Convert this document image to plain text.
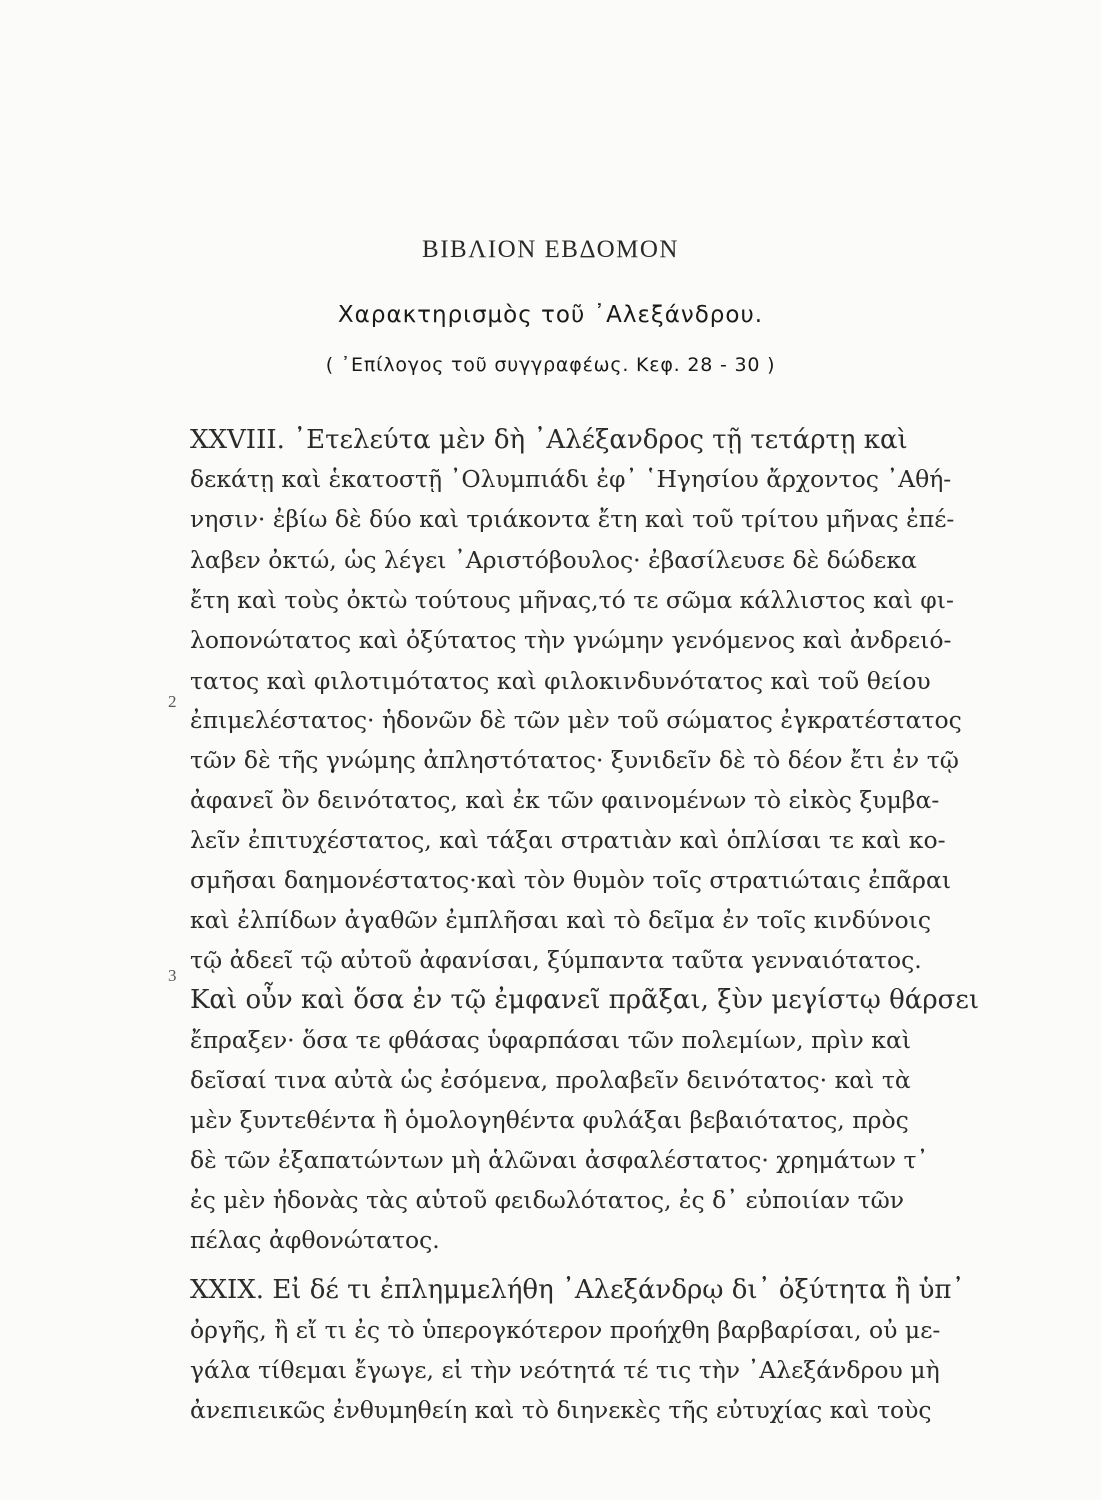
ΒΙΒΛΙΟΝ ΕΒΔΟΜΟΝ
Χαρακτηρισμὸς τοῦ ᾿Αλεξάνδρου.
( ᾿Επίλογος τοῦ συγγραφέως. Κεφ. 28 - 30 )
2
3
XXVIII. ᾿Ετελεύτα μὲν δὴ ᾿Αλέξανδρος τῇ τετάρτῃ καὶ
δεκάτῃ καὶ ἑκατοστῇ ᾿Ολυμπιάδι ἐφ᾿ ῾Ηγησίου ἄρχοντος ᾿Αθή-
νησιν· ἐβίω δὲ δύο καὶ τριάκοντα ἔτη καὶ τοῦ τρίτου μῆνας ἐπέ-
λαβεν ὀκτώ, ὡς λέγει ᾿Αριστόβουλος· ἐβασίλευσε δὲ δώδεκα
ἔτη καὶ τοὺς ὀκτὼ τούτους μῆνας,τό τε σῶμα κάλλιστος καὶ φι-
λοπονώτατος καὶ ὀξύτατος τὴν γνώμην γενόμενος καὶ ἀνδρειό-
τατος καὶ φιλοτιμότατος καὶ φιλοκινδυνότατος καὶ τοῦ θείου
ἐπιμελέστατος· ἡδονῶν δὲ τῶν μὲν τοῦ σώματος ἐγκρατέστατος
τῶν δὲ τῆς γνώμης ἀπληστότατος· ξυνιδεῖν δὲ τὸ δέον ἔτι ἐν τῷ
ἀφανεῖ ὂν δεινότατος, καὶ ἐκ τῶν φαινομένων τὸ εἰκὸς ξυμβα-
λεῖν ἐπιτυχέστατος, καὶ τάξαι στρατιὰν καὶ ὁπλίσαι τε καὶ κο-
σμῆσαι δαημονέστατος·καὶ τὸν θυμὸν τοῖς στρατιώταις ἐπᾶραι
καὶ ἐλπίδων ἀγαθῶν ἐμπλῆσαι καὶ τὸ δεῖμα ἐν τοῖς κινδύνοις
τῷ ἀδεεῖ τῷ αὐτοῦ ἀφανίσαι, ξύμπαντα ταῦτα γενναιότατος.
Καὶ οὖν καὶ ὅσα ἐν τῷ ἐμφανεῖ πρᾶξαι, ξὺν μεγίστῳ θάρσει
ἔπραξεν· ὅσα τε φθάσας ὑφαρπάσαι τῶν πολεμίων, πρὶν καὶ
δεῖσαί τινα αὐτὰ ὡς ἐσόμενα, προλαβεῖν δεινότατος· καὶ τὰ
μὲν ξυντεθέντα ἢ ὁμολογηθέντα φυλάξαι βεβαιότατος, πρὸς
δὲ τῶν ἐξαπατώντων μὴ ἁλῶναι ἀσφαλέστατος· χρημάτων τ᾿
ἐς μὲν ἡδονὰς τὰς αὑτοῦ φειδωλότατος, ἐς δ᾿ εὐποιίαν τῶν
πέλας ἀφθονώτατος.
XXIX. Εἰ δέ τι ἐπλημμελήθη ᾿Αλεξάνδρῳ δι᾿ ὀξύτητα ἢ ὑπ᾿
ὀργῆς, ἢ εἴ τι ἐς τὸ ὑπερογκότερον προήχθη βαρβαρίσαι, οὐ με-
γάλα τίθεμαι ἔγωγε, εἰ τὴν νεότητά τέ τις τὴν ᾿Αλεξάνδρου μὴ
ἀνεπιεικῶς ἐνθυμηθείη καὶ τὸ διηνεκὲς τῆς εὐτυχίας καὶ τοὺς
